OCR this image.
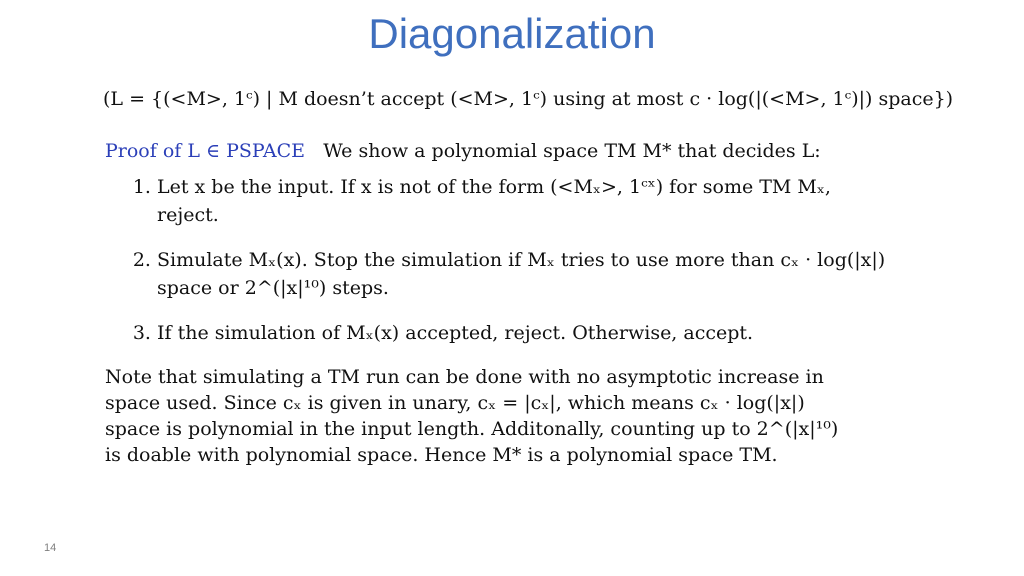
Diagonalization
(L = {(<M>, 1ᶜ) | M doesn’t accept (<M>, 1ᶜ) using at most c · log(|(<M>, 1ᶜ)|) space})
Proof of L ∈ PSPACE We show a polynomial space TM M* that decides L:
1. Let x be the input. If x is not of the form (<Mₓ>, 1ᶜˣ) for some TM Mₓ, reject.
2. Simulate Mₓ(x). Stop the simulation if Mₓ tries to use more than cₓ · log(|x|) space or 2^(|x|¹⁰) steps.
3. If the simulation of Mₓ(x) accepted, reject. Otherwise, accept.
Note that simulating a TM run can be done with no asymptotic increase in space used. Since cₓ is given in unary, cₓ = |cₓ|, which means cₓ · log(|x|) space is polynomial in the input length. Additonally, counting up to 2^(|x|¹⁰) is doable with polynomial space. Hence M* is a polynomial space TM.
14
